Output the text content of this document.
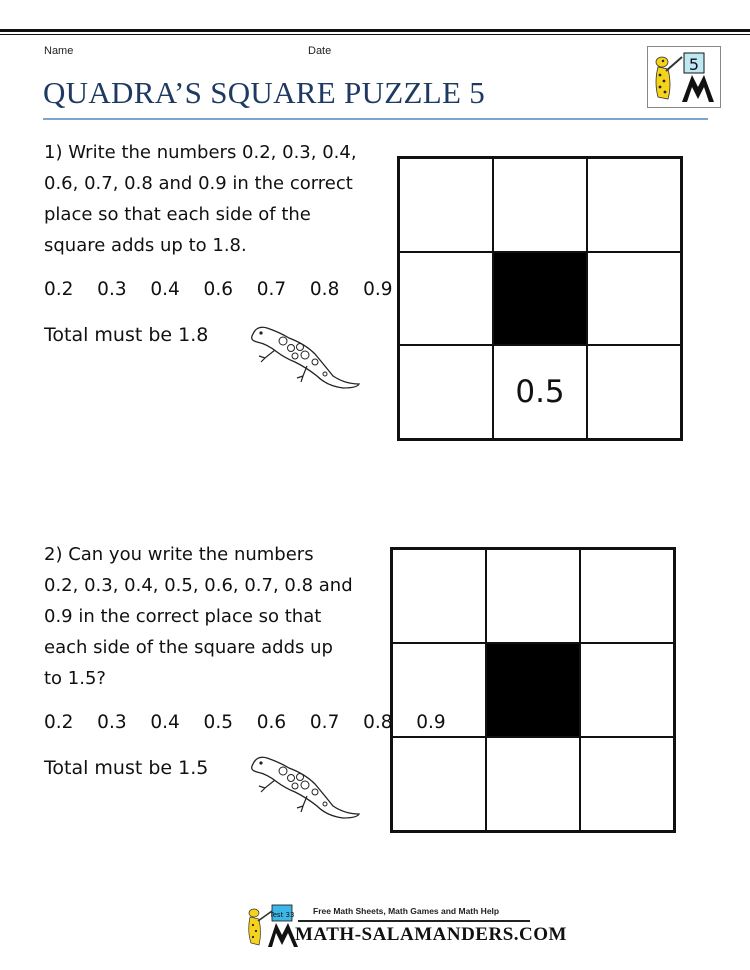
Name	Date
QUADRA’S SQUARE PUZZLE 5
5
1) Write the numbers 0.2, 0.3, 0.4,
0.6, 0.7, 0.8 and 0.9 in the correct
place so that each side of the
square adds up to 1.8.
0.2  0.3  0.4  0.6  0.7  0.8  0.9
Total must be 1.8
0.5
2) Can you write the numbers
0.2, 0.3, 0.4, 0.5, 0.6, 0.7, 0.8 and
0.9 in the correct place so that
each side of the square adds up
to 1.5?
0.2  0.3  0.4  0.5  0.6  0.7  0.8  0.9
Total must be 1.5
Test 33 Free Math Sheets, Math Games and Math Help
MATH-SALAMANDERS.COM
